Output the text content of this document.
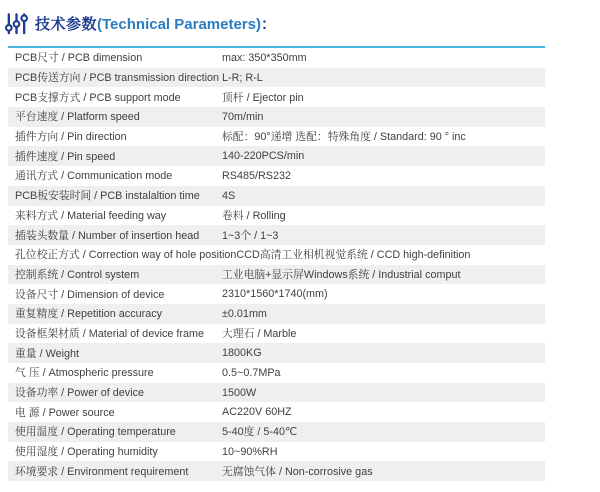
技术参数(Technical Parameters)：
PCB尺寸 / PCB dimension	max: 350*350mm
PCB传送方向 / PCB transmission direction L-R; R-L
PCB支撑方式 / PCB support mode	顶杆 / Ejector pin
平台速度 / Platform speed	70m/min
插件方向 / Pin direction	标配：90°递增 选配：特殊角度 / Standard: 90 ° inc
插件速度 / Pin speed	140-220PCS/min
通讯方式 / Communication mode	RS485/RS232
PCB板安装时间 / PCB instalaltion time	4S
来料方式 / Material feeding way	卷料 / Rolling
插装头数量 / Number of insertion head	1~3个 / 1~3
孔位校正方式 / Correction way of hole position CCD高清工业相机视觉系统 / CCD high-definition
控制系统 / Control system	工业电脑+显示屏Windows系统 / Industrial comput
设备尺寸 / Dimension of device	2310*1560*1740(mm)
重复精度 / Repetition accuracy	±0.01mm
设备框架材质 / Material of device frame	大理石 / Marble
重量 / Weight	1800KG
气 压 / Atmospheric pressure	0.5~0.7MPa
设备功率 / Power of device	1500W
电 源 / Power source	AC220V 60HZ
使用温度 / Operating temperature	5-40度 / 5-40℃
使用湿度 / Operating humidity	10~90%RH
环境要求 / Environment requirement	无腐蚀气体 / Non-corrosive gas
